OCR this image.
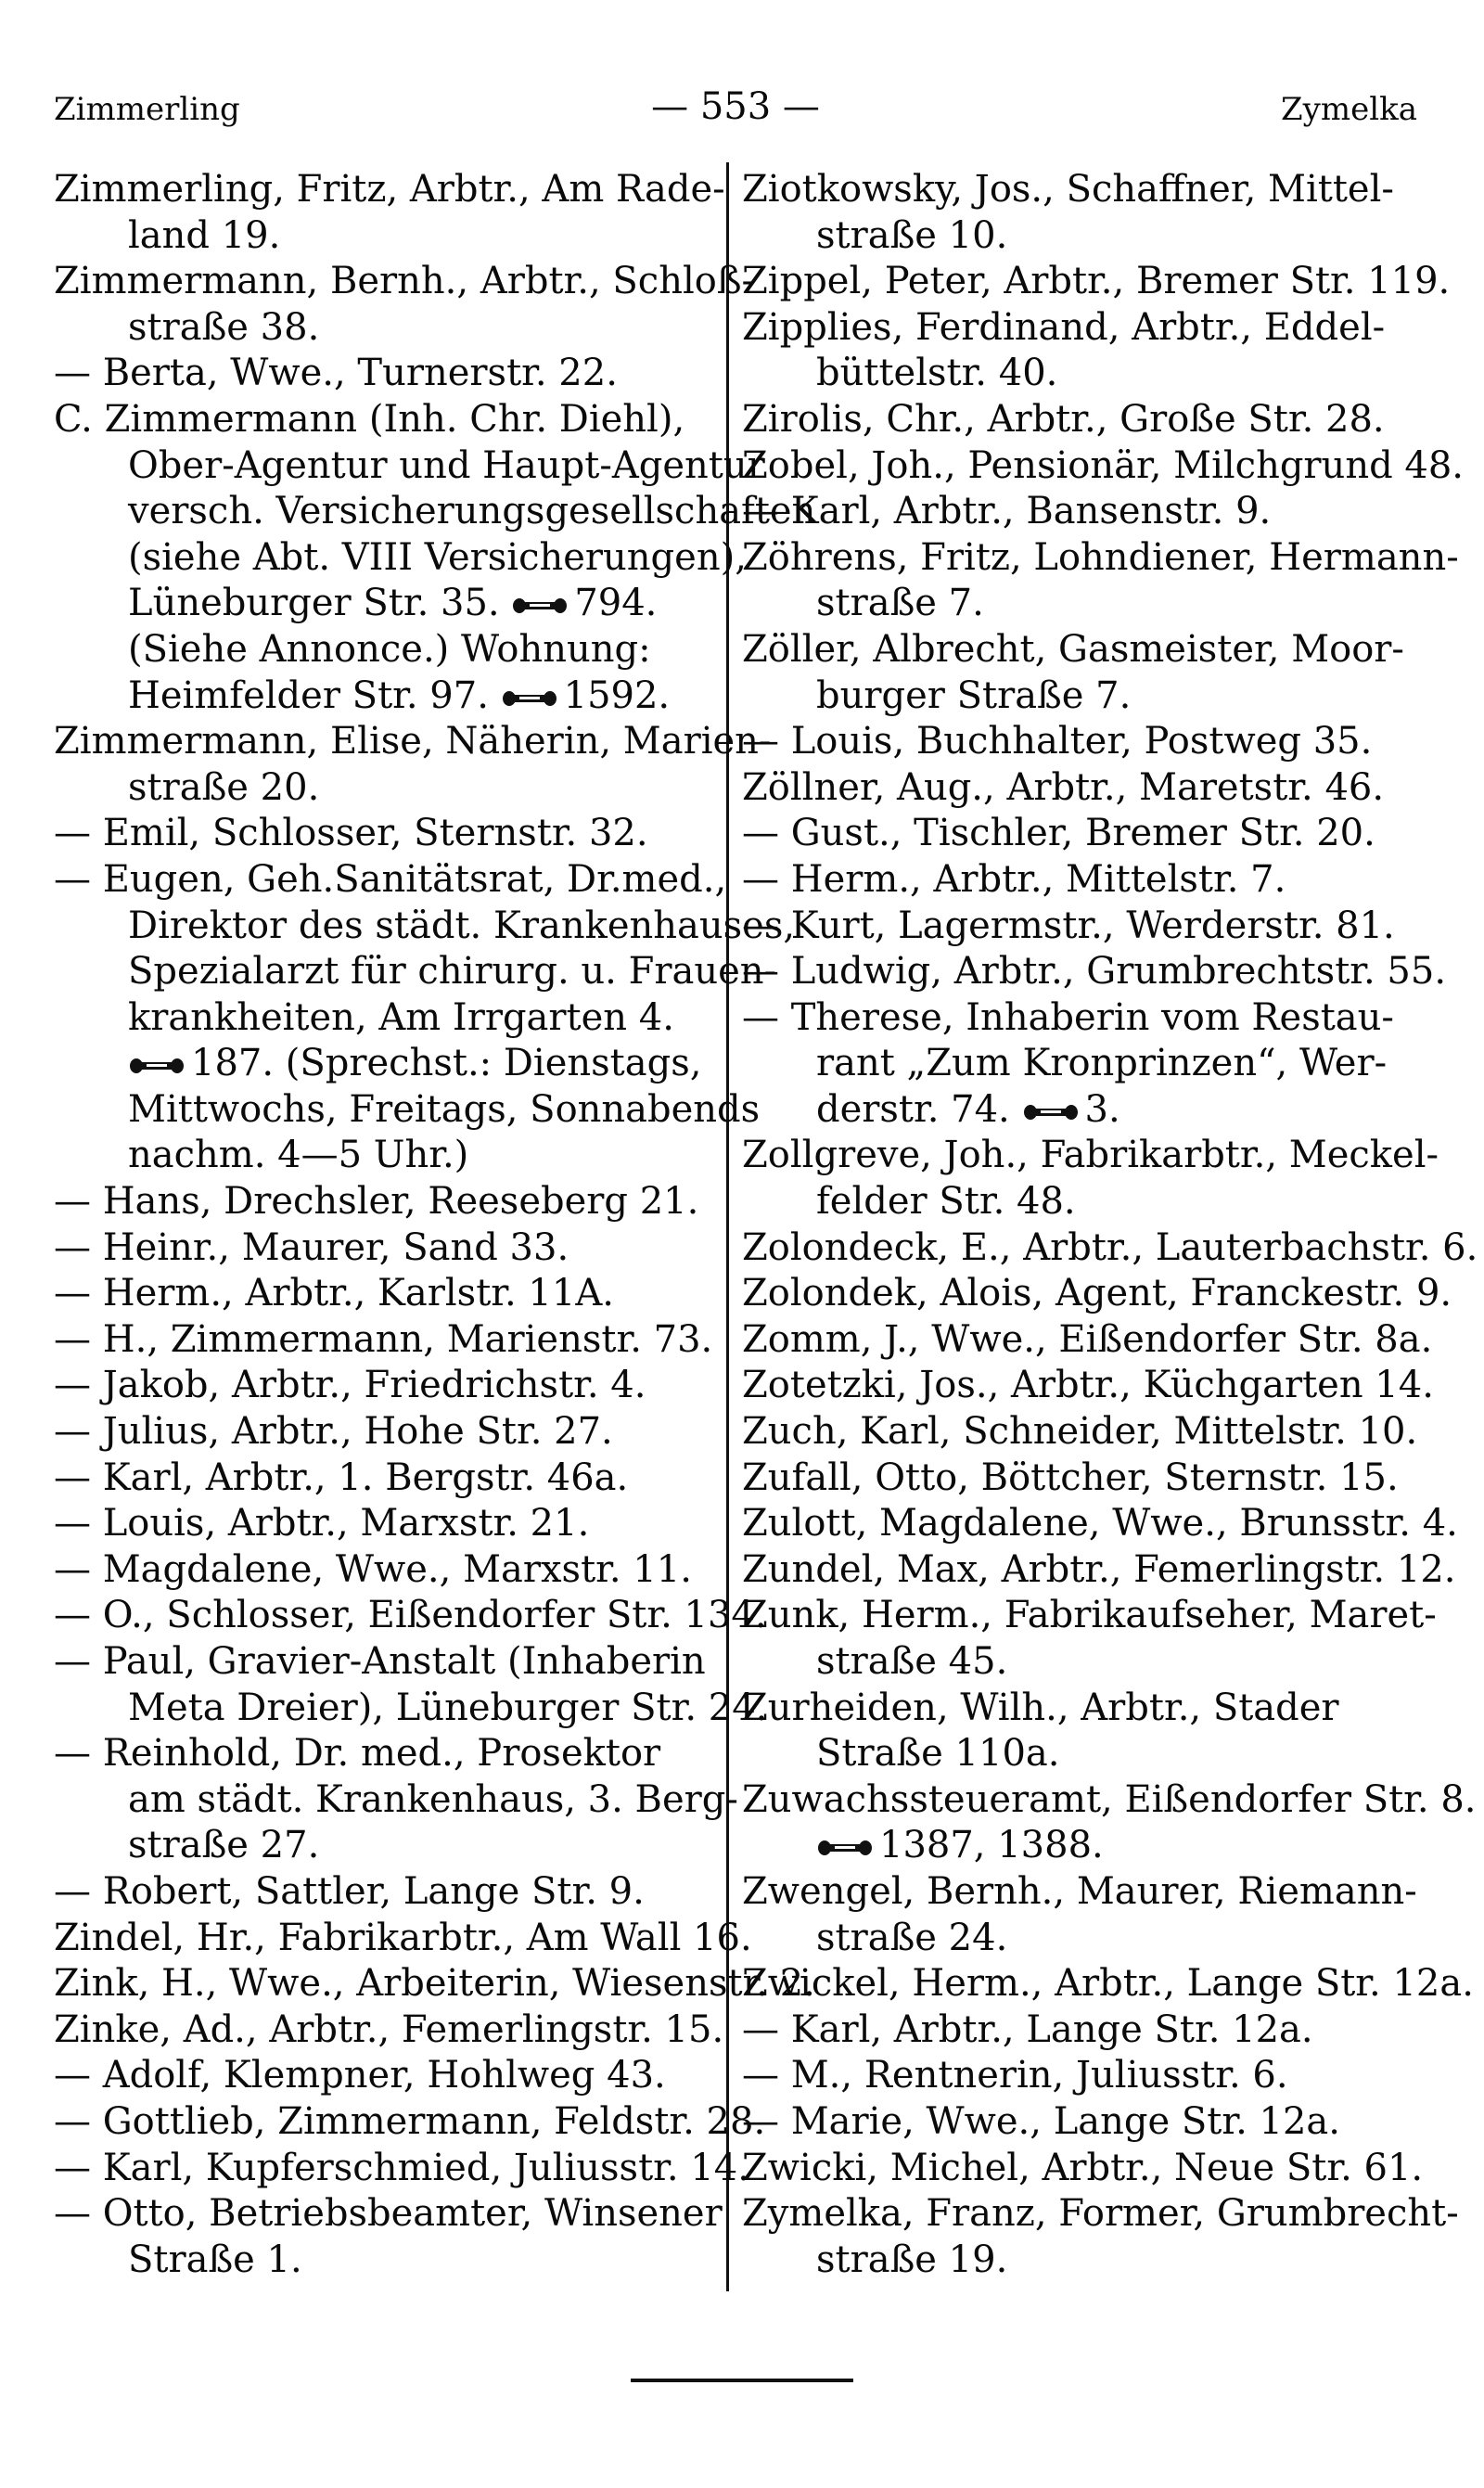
Zimmerling	— 553 —	Zymelka
Zimmerling, Fritz, Arbtr., Am Rade-
land 19.
Zimmermann, Bernh., Arbtr., Schloß-
straße 38.
— Berta, Wwe., Turnerstr. 22.
C. Zimmermann (Inh. Chr. Diehl),
Ober-Agentur und Haupt-Agentur
versch. Versicherungsgesellschaften
(siehe Abt. VIII Versicherungen),
Lüneburger Str. 35. 794.
(Siehe Annonce.) Wohnung:
Heimfelder Str. 97. 1592.
Zimmermann, Elise, Näherin, Marien-
straße 20.
— Emil, Schlosser, Sternstr. 32.
— Eugen, Geh.Sanitätsrat, Dr.med.,
Direktor des städt. Krankenhauses,
Spezialarzt für chirurg. u. Frauen-
krankheiten, Am Irrgarten 4.
187. (Sprechst.: Dienstags,
Mittwochs, Freitags, Sonnabends
nachm. 4—5 Uhr.)
— Hans, Drechsler, Reeseberg 21.
— Heinr., Maurer, Sand 33.
— Herm., Arbtr., Karlstr. 11A.
— H., Zimmermann, Marienstr. 73.
— Jakob, Arbtr., Friedrichstr. 4.
— Julius, Arbtr., Hohe Str. 27.
— Karl, Arbtr., 1. Bergstr. 46a.
— Louis, Arbtr., Marxstr. 21.
— Magdalene, Wwe., Marxstr. 11.
— O., Schlosser, Eißendorfer Str. 134.
— Paul, Gravier-Anstalt (Inhaberin
Meta Dreier), Lüneburger Str. 24.
— Reinhold, Dr. med., Prosektor
am städt. Krankenhaus, 3. Berg-
straße 27.
— Robert, Sattler, Lange Str. 9.
Zindel, Hr., Fabrikarbtr., Am Wall 16.
Zink, H., Wwe., Arbeiterin, Wiesenstr. 2.
Zinke, Ad., Arbtr., Femerlingstr. 15.
— Adolf, Klempner, Hohlweg 43.
— Gottlieb, Zimmermann, Feldstr. 28.
— Karl, Kupferschmied, Juliusstr. 14.
— Otto, Betriebsbeamter, Winsener
Straße 1.
Ziotkowsky, Jos., Schaffner, Mittel-
straße 10.
Zippel, Peter, Arbtr., Bremer Str. 119.
Zipplies, Ferdinand, Arbtr., Eddel-
büttelstr. 40.
Zirolis, Chr., Arbtr., Große Str. 28.
Zobel, Joh., Pensionär, Milchgrund 48.
— Karl, Arbtr., Bansenstr. 9.
Zöhrens, Fritz, Lohndiener, Hermann-
straße 7.
Zöller, Albrecht, Gasmeister, Moor-
burger Straße 7.
— Louis, Buchhalter, Postweg 35.
Zöllner, Aug., Arbtr., Maretstr. 46.
— Gust., Tischler, Bremer Str. 20.
— Herm., Arbtr., Mittelstr. 7.
— Kurt, Lagermstr., Werderstr. 81.
— Ludwig, Arbtr., Grumbrechtstr. 55.
— Therese, Inhaberin vom Restau-
rant „Zum Kronprinzen“, Wer-
derstr. 74. 3.
Zollgreve, Joh., Fabrikarbtr., Meckel-
felder Str. 48.
Zolondeck, E., Arbtr., Lauterbachstr. 6.
Zolondek, Alois, Agent, Franckestr. 9.
Zomm, J., Wwe., Eißendorfer Str. 8a.
Zotetzki, Jos., Arbtr., Küchgarten 14.
Zuch, Karl, Schneider, Mittelstr. 10.
Zufall, Otto, Böttcher, Sternstr. 15.
Zulott, Magdalene, Wwe., Brunsstr. 4.
Zundel, Max, Arbtr., Femerlingstr. 12.
Zunk, Herm., Fabrikaufseher, Maret-
straße 45.
Zurheiden, Wilh., Arbtr., Stader
Straße 110a.
Zuwachssteueramt, Eißendorfer Str. 8.
1387, 1388.
Zwengel, Bernh., Maurer, Riemann-
straße 24.
Zwickel, Herm., Arbtr., Lange Str. 12a.
— Karl, Arbtr., Lange Str. 12a.
— M., Rentnerin, Juliusstr. 6.
— Marie, Wwe., Lange Str. 12a.
Zwicki, Michel, Arbtr., Neue Str. 61.
Zymelka, Franz, Former, Grumbrecht-
straße 19.
